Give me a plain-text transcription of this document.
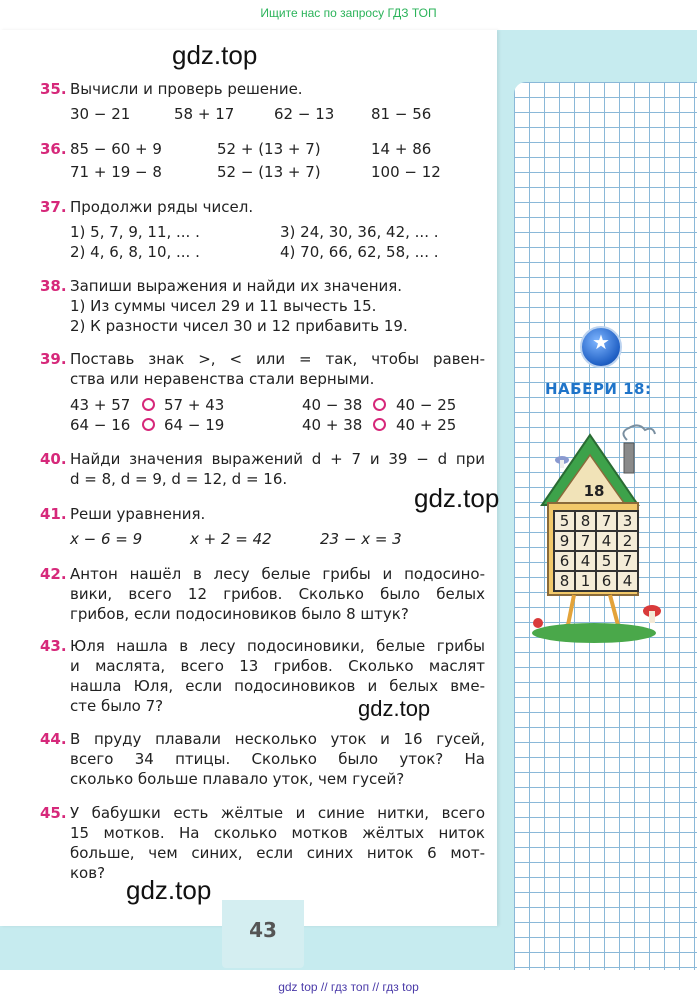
Ищите нас по запросу ГДЗ ТОП
43
gdz.top
gdz.top
gdz.top
gdz.top
35. Вычисли и проверь решение.
30 − 21	58 + 17	62 − 13 81 − 56
36. 85 − 60 + 9	52 + (13 + 7)	14 + 86
71 + 19 − 8	52 − (13 + 7)	100 − 12
37. Продолжи ряды чисел.
1) 5, 7, 9, 11, ... .	3) 24, 30, 36, 42, ... .
2) 4, 6, 8, 10, ... .	4) 70, 66, 62, 58, ... .
38. Запиши выражения и найди их значения.
1) Из суммы чисел 29 и 11 вычесть 15.
2) К разности чисел 30 и 12 прибавить 19.
39. Поставь знак >, < или = так, чтобы равен-
ства или неравенства стали верными.
43 + 57 57 + 43	40 − 38 40 − 25
64 − 16 64 − 19	40 + 38 40 + 25
40. Найди значения выражений d + 7 и 39 − d при
d = 8, d = 9, d = 12, d = 16.
41. Реши уравнения.
x − 6 = 9	x + 2 = 42	23 − x = 3
42. Антон нашёл в лесу белые грибы и подосино-
вики, всего 12 грибов. Сколько было белых
грибов, если подосиновиков было 8 штук?
43. Юля нашла в лесу подосиновики, белые грибы
и маслята, всего 13 грибов. Сколько маслят
нашла Юля, если подосиновиков и белых вме-
сте было 7?
44. В пруду плавали несколько уток и 16 гусей,
всего 34 птицы. Сколько было уток? На
сколько больше плавало уток, чем гусей?
45. У бабушки есть жёлтые и синие нитки, всего
15 мотков. На сколько мотков жёлтых ниток
больше, чем синих, если синих ниток 6 мот-
ков?
★
НАБЕРИ 18:
18
5 8 7 3
9 7 4 2
6 4 5 7
8 1 6 4
gdz top // гдз топ // гдз top
